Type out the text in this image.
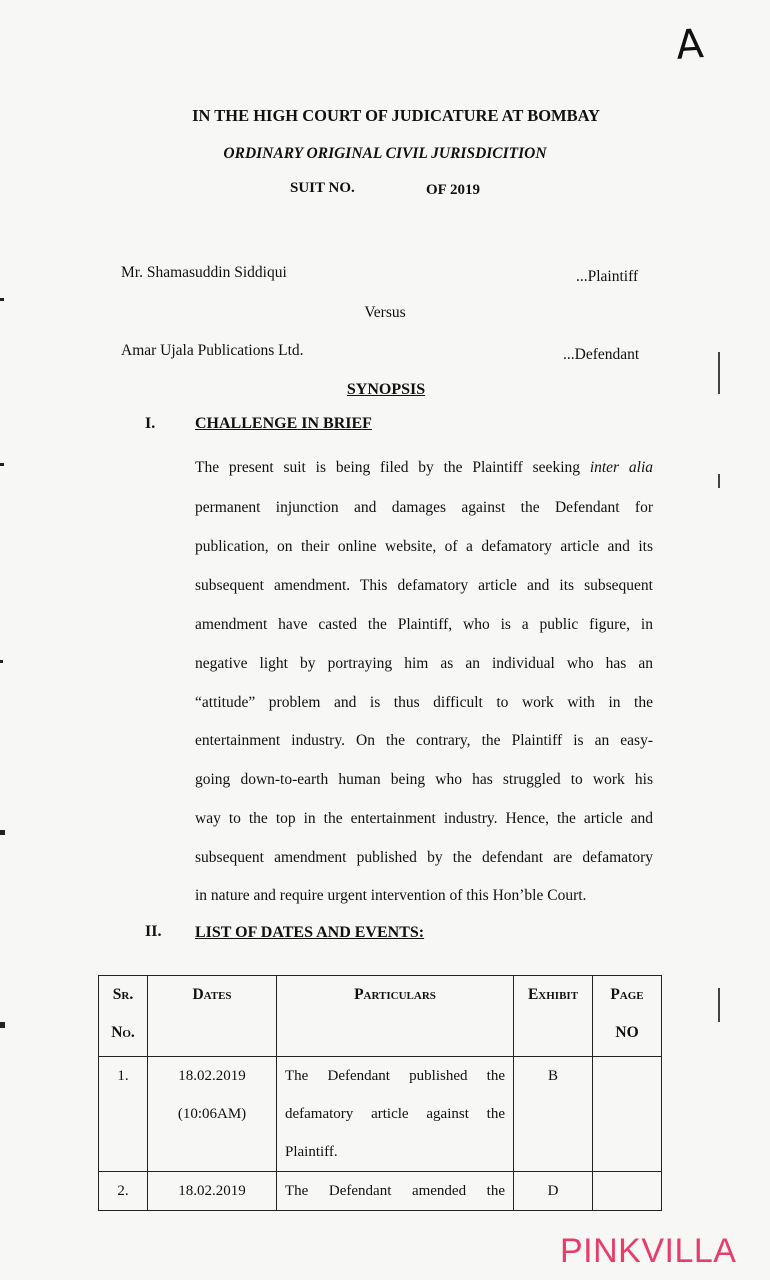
A
IN THE HIGH COURT OF JUDICATURE AT BOMBAY
ORDINARY ORIGINAL CIVIL JURISDICITION
SUIT NO.	OF 2019
Mr. Shamasuddin Siddiqui	...Plaintiff
Versus
Amar Ujala Publications Ltd.	...Defendant
SYNOPSIS
I. CHALLENGE IN BRIEF
The present suit is being filed by the Plaintiff seeking inter alia
permanent injunction and damages against the Defendant for
publication, on their online website, of a defamatory article and its
subsequent amendment. This defamatory article and its subsequent
amendment have casted the Plaintiff, who is a public figure, in
negative light by portraying him as an individual who has an
“attitude” problem and is thus difficult to work with in the
entertainment industry. On the contrary, the Plaintiff is an easy-
going down-to-earth human being who has struggled to work his
way to the top in the entertainment industry. Hence, the article and
subsequent amendment published by the defendant are defamatory
in nature and require urgent intervention of this Hon’ble Court.
II. LIST OF DATES AND EVENTS:
Sr.
No.	Dates	Particulars	Exhibit	Page
NO

1.	18.02.2019
(10:06AM)	The Defendant published the
defamatory article against the
Plaintiff.	B	

2.	18.02.2019	The Defendant amended the	D	

PINKVILLA
